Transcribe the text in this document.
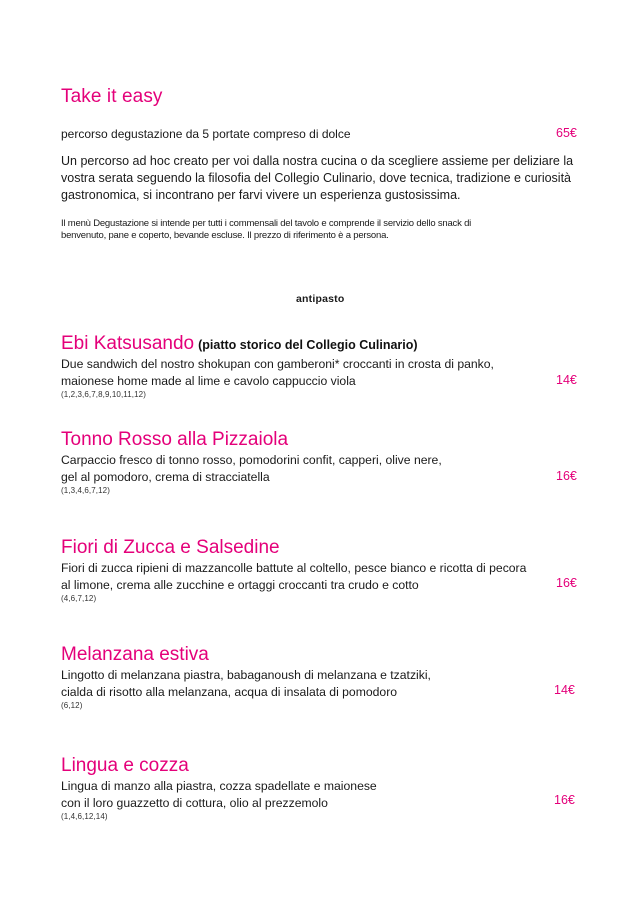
Take it easy
percorso degustazione da 5 portate compreso di dolce	65€
Un percorso ad hoc creato per voi dalla nostra cucina o da scegliere assieme per deliziare la
vostra serata seguendo la filosofia del Collegio Culinario, dove tecnica, tradizione e curiosità
gastronomica, si incontrano per farvi vivere un esperienza gustosissima.
Il menù Degustazione si intende per tutti i commensali del tavolo e comprende il servizio dello snack di
benvenuto, pane e coperto, bevande escluse. Il prezzo di riferimento è a persona.
antipasto
Ebi Katsusando (piatto storico del Collegio Culinario)
Due sandwich del nostro shokupan con gamberoni* croccanti in crosta di panko,
maionese home made al lime e cavolo cappuccio viola
(1,2,3,6,7,8,9,10,11,12)
14€
Tonno Rosso alla Pizzaiola
Carpaccio fresco di tonno rosso, pomodorini confit, capperi, olive nere,
gel al pomodoro, crema di stracciatella
(1,3,4,6,7,12)
16€
Fiori di Zucca e Salsedine
Fiori di zucca ripieni di mazzancolle battute al coltello, pesce bianco e ricotta di pecora
al limone, crema alle zucchine e ortaggi croccanti tra crudo e cotto
(4,6,7,12)
16€
Melanzana estiva
Lingotto di melanzana piastra, babaganoush di melanzana e tzatziki,
cialda di risotto alla melanzana, acqua di insalata di pomodoro
(6,12)
14€
Lingua e cozza
Lingua di manzo alla piastra, cozza spadellate e maionese
con il loro guazzetto di cottura, olio al prezzemolo
(1,4,6,12,14)
16€
